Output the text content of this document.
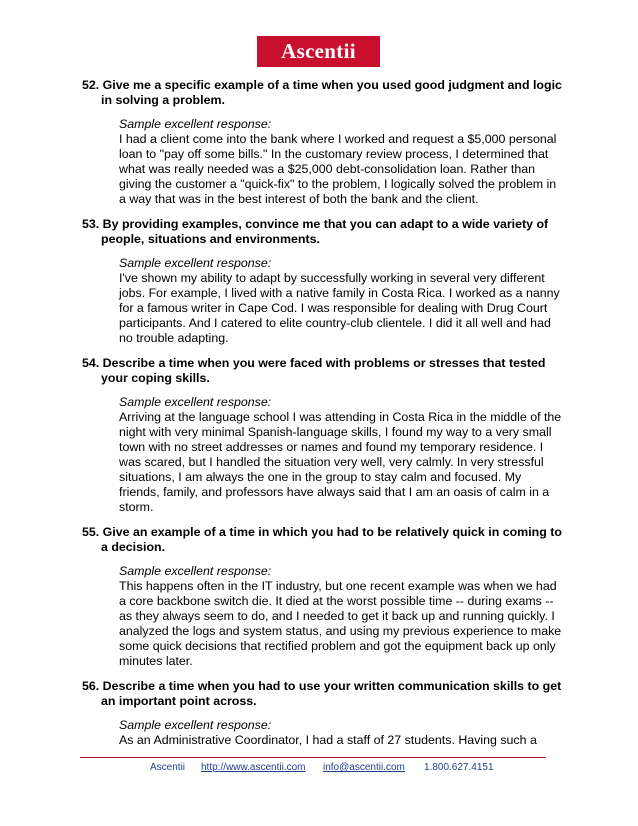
Ascentii

52. Give me a specific example of a time when you used good judgment and logic in solving a problem.

Sample excellent response:
I had a client come into the bank where I worked and request a $5,000 personal loan to "pay off some bills." In the customary review process, I determined that what was really needed was a $25,000 debt-consolidation loan. Rather than giving the customer a "quick-fix" to the problem, I logically solved the problem in a way that was in the best interest of both the bank and the client.

53. By providing examples, convince me that you can adapt to a wide variety of people, situations and environments.

Sample excellent response:
I've shown my ability to adapt by successfully working in several very different jobs. For example, I lived with a native family in Costa Rica. I worked as a nanny for a famous writer in Cape Cod. I was responsible for dealing with Drug Court participants. And I catered to elite country-club clientele. I did it all well and had no trouble adapting.

54. Describe a time when you were faced with problems or stresses that tested your coping skills.

Sample excellent response:
Arriving at the language school I was attending in Costa Rica in the middle of the night with very minimal Spanish-language skills, I found my way to a very small town with no street addresses or names and found my temporary residence. I was scared, but I handled the situation very well, very calmly. In very stressful situations, I am always the one in the group to stay calm and focused. My friends, family, and professors have always said that I am an oasis of calm in a storm.

55. Give an example of a time in which you had to be relatively quick in coming to a decision.

Sample excellent response:
This happens often in the IT industry, but one recent example was when we had a core backbone switch die. It died at the worst possible time -- during exams -- as they always seem to do, and I needed to get it back up and running quickly. I analyzed the logs and system status, and using my previous experience to make some quick decisions that rectified problem and got the equipment back up only minutes later.

56. Describe a time when you had to use your written communication skills to get an important point across.

Sample excellent response:
As an Administrative Coordinator, I had a staff of 27 students. Having such a
Ascentii http://www.ascentii.com info@ascentii.com 1.800.627.4151
